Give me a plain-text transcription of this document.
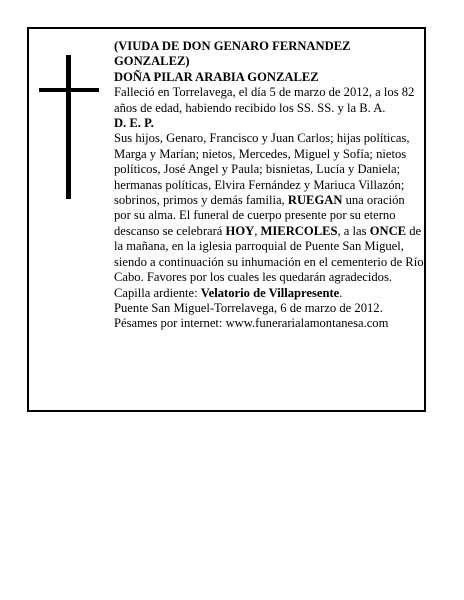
(VIUDA DE DON GENARO FERNANDEZ GONZALEZ)

DOÑA PILAR ARABIA GONZALEZ

Falleció en Torrelavega, el día 5 de marzo de 2012, a los 82 años de edad, habiendo recibido los SS. SS. y la B. A.

D. E. P.

Sus hijos, Genaro, Francisco y Juan Carlos; hijas políticas, Marga y Marían; nietos, Mercedes, Miguel y Sofía; nietos políticos, José Angel y Paula; bisnietas, Lucía y Daniela; hermanas políticas, Elvira Fernández y Mariuca Villazón; sobrinos, primos y demás familia, RUEGAN una oración por su alma. El funeral de cuerpo presente por su eterno descanso se celebrará HOY, MIERCOLES, a las ONCE de la mañana, en la iglesia parroquial de Puente San Miguel, siendo a continuación su inhumación en el cementerio de Río Cabo. Favores por los cuales les quedarán agradecidos.

Capilla ardiente: Velatorio de Villapresente.

Puente San Miguel-Torrelavega, 6 de marzo de 2012.

Pésames por internet: www.funerarialamontanesa.com
